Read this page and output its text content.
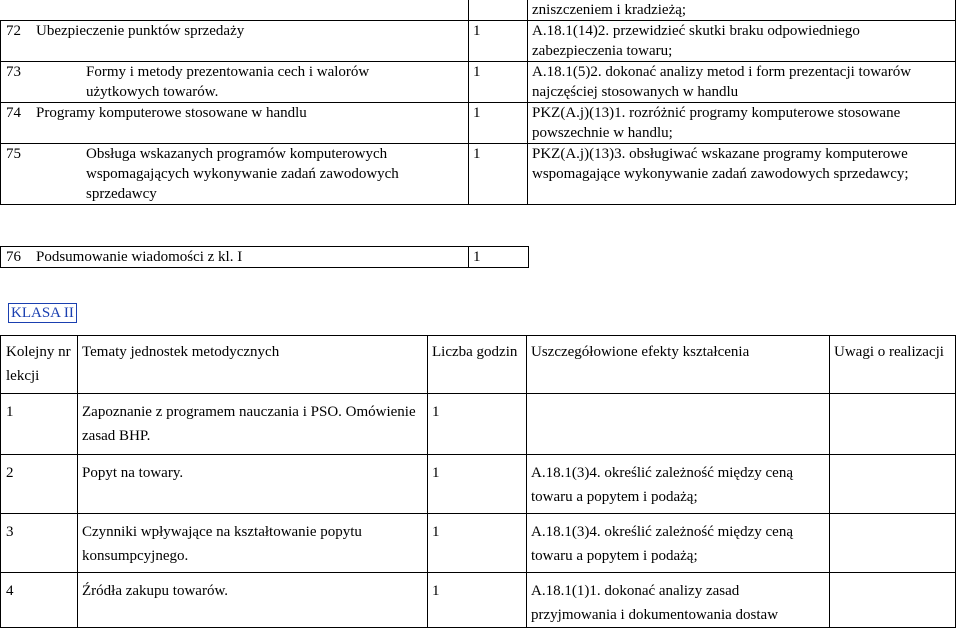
		zniszczeniem i kradzieżą;
72 Ubezpieczenie punktów sprzedaży	1	A.18.1(14)2. przewidzieć skutki braku odpowiedniego zabezpieczenia towaru;
73 Formy i metody prezentowania cech i walorów użytkowych towarów.	1	A.18.1(5)2. dokonać analizy metod i form prezentacji towarów najczęściej stosowanych w handlu
74 Programy komputerowe stosowane w handlu	1	PKZ(A.j)(13)1. rozróżnić programy komputerowe stosowane powszechnie w handlu;
75 Obsługa wskazanych programów komputerowych wspomagających wykonywanie zadań zawodowych sprzedawcy	1	PKZ(A.j)(13)3. obsługiwać wskazane programy komputerowe wspomagające wykonywanie zadań zawodowych sprzedawcy;
76 Podsumowanie wiadomości z kl. I	1
KLASA II
Kolejny nr lekcji	Tematy jednostek metodycznych	Liczba godzin	Uszczegółowione efekty kształcenia	Uwagi o realizacji
1	Zapoznanie z programem nauczania i PSO. Omówienie zasad BHP.	1		
2	Popyt na towary.	1	A.18.1(3)4. określić zależność między ceną towaru a popytem i podażą;	
3	Czynniki wpływające na kształtowanie popytu konsumpcyjnego.	1	A.18.1(3)4. określić zależność między ceną towaru a popytem i podażą;	
4	Źródła zakupu towarów.	1	A.18.1(1)1. dokonać analizy zasad przyjmowania i dokumentowania dostaw	
